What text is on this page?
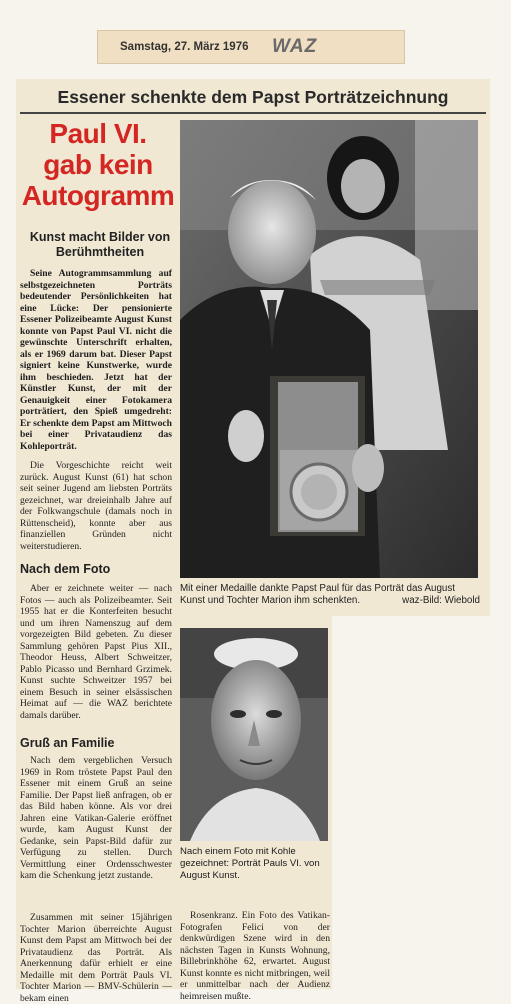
Samstag, 27. März 1976 WAZ
Essener schenkte dem Papst Porträtzeichnung
Paul VI.
gab kein
Autogramm
Kunst macht Bilder von Berühmtheiten

Seine Autogrammsammlung auf selbstgezeichneten Porträts bedeutender Persönlichkeiten hat eine Lücke: Der pensionierte Essener Polizeibeamte August Kunst konnte von Papst Paul VI. nicht die gewünschte Unterschrift erhalten, als er 1969 darum bat. Dieser Papst signiert keine Kunstwerke, wurde ihm beschieden. Jetzt hat der Künstler Kunst, der mit der Genauigkeit einer Fotokamera porträtiert, den Spieß umgedreht: Er schenkte dem Papst am Mittwoch bei einer Privataudienz das Kohleporträt.

Die Vorgeschichte reicht weit zurück. August Kunst (61) hat schon seit seiner Jugend am liebsten Porträts gezeichnet, war dreieinhalb Jahre auf der Folkwangschule (damals noch in Rüttenscheid), konnte aber aus finanziellen Gründen nicht weiterstudieren.

Nach dem Foto

Aber er zeichnete weiter — nach Fotos — auch als Polizeibeamter. Seit 1955 hat er die Konterfeiten besucht und um ihren Namenszug auf dem vorgezeigten Bild gebeten. Zu dieser Sammlung gehören Papst Pius XII., Theodor Heuss, Albert Schweitzer, Pablo Picasso und Bernhard Grzimek. Kunst suchte Schweitzer 1957 bei einem Besuch in seiner elsässischen Heimat auf — die WAZ berichtete damals darüber.

Gruß an Familie

Nach dem vergeblichen Versuch 1969 in Rom tröstete Papst Paul den Essener mit einem Gruß an seine Familie. Der Papst ließ anfragen, ob er das Bild haben könne. Als vor drei Jahren eine Vatikan-Galerie eröffnet wurde, kam August Kunst der Gedanke, sein Papst-Bild dafür zur Verfügung zu stellen. Durch Vermittlung einer Ordensschwester kam die Schenkung jetzt zustande.

Zusammen mit seiner 15jährigen Tochter Marion überreichte August Kunst dem Papst am Mittwoch bei der Privataudienz das Porträt. Als Anerkennung dafür erhielt er eine Medaille mit dem Porträt Pauls VI. Tochter Marion — BMV-Schülerin — bekam einen

Mit einer Medaille dankte Papst Paul für das Porträt das August Kunst und Tochter Marion ihm schenkten.	waz-Bild: Wiebold
Nach einem Foto mit Kohle gezeichnet: Porträt Pauls VI. von August Kunst.

Rosenkranz. Ein Foto des Vatikan-Fotografen Felici von der denkwürdigen Szene wird in den nächsten Tagen in Kunsts Wohnung, Billebrinkhöhe 62, erwartet. August Kunst konnte es nicht mitbringen, weil er unmittelbar nach der Audienz heimreisen mußte.
